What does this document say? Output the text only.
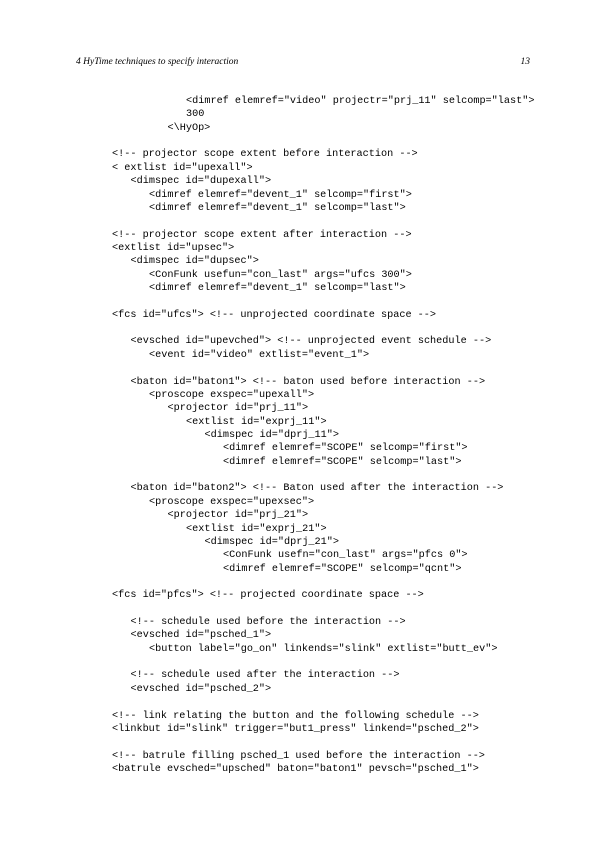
4 HyTime techniques to specify interaction	13
<dimref elemref="video" projectr="prj_11" selcomp="last">
300
<\HyOp>
<!-- projector scope extent before interaction -->
< extlist id="upexall">
<dimspec id="dupexall">
<dimref elemref="devent_1" selcomp="first">
<dimref elemref="devent_1" selcomp="last">
<!-- projector scope extent after interaction -->
<extlist id="upsec">
<dimspec id="dupsec">
<ConFunk usefun="con_last" args="ufcs 300">
<dimref elemref="devent_1" selcomp="last">
<fcs id="ufcs"> <!-- unprojected coordinate space -->
<evsched id="upevched"> <!-- unprojected event schedule -->
<event id="video" extlist="event_1">
<baton id="baton1"> <!-- baton used before interaction -->
<proscope exspec="upexall">
<projector id="prj_11">
<extlist id="exprj_11">
<dimspec id="dprj_11">
<dimref elemref="SCOPE" selcomp="first">
<dimref elemref="SCOPE" selcomp="last">
<baton id="baton2"> <!-- Baton used after the interaction -->
<proscope exspec="upexsec">
<projector id="prj_21">
<extlist id="exprj_21">
<dimspec id="dprj_21">
<ConFunk usefn="con_last" args="pfcs 0">
<dimref elemref="SCOPE" selcomp="qcnt">
<fcs id="pfcs"> <!-- projected coordinate space -->
<!-- schedule used before the interaction -->
<evsched id="psched_1">
<button label="go_on" linkends="slink" extlist="butt_ev">
<!-- schedule used after the interaction -->
<evsched id="psched_2">
<!-- link relating the button and the following schedule -->
<linkbut id="slink" trigger="but1_press" linkend="psched_2">
<!-- batrule filling psched_1 used before the interaction -->
<batrule evsched="upsched" baton="baton1" pevsch="psched_1">
